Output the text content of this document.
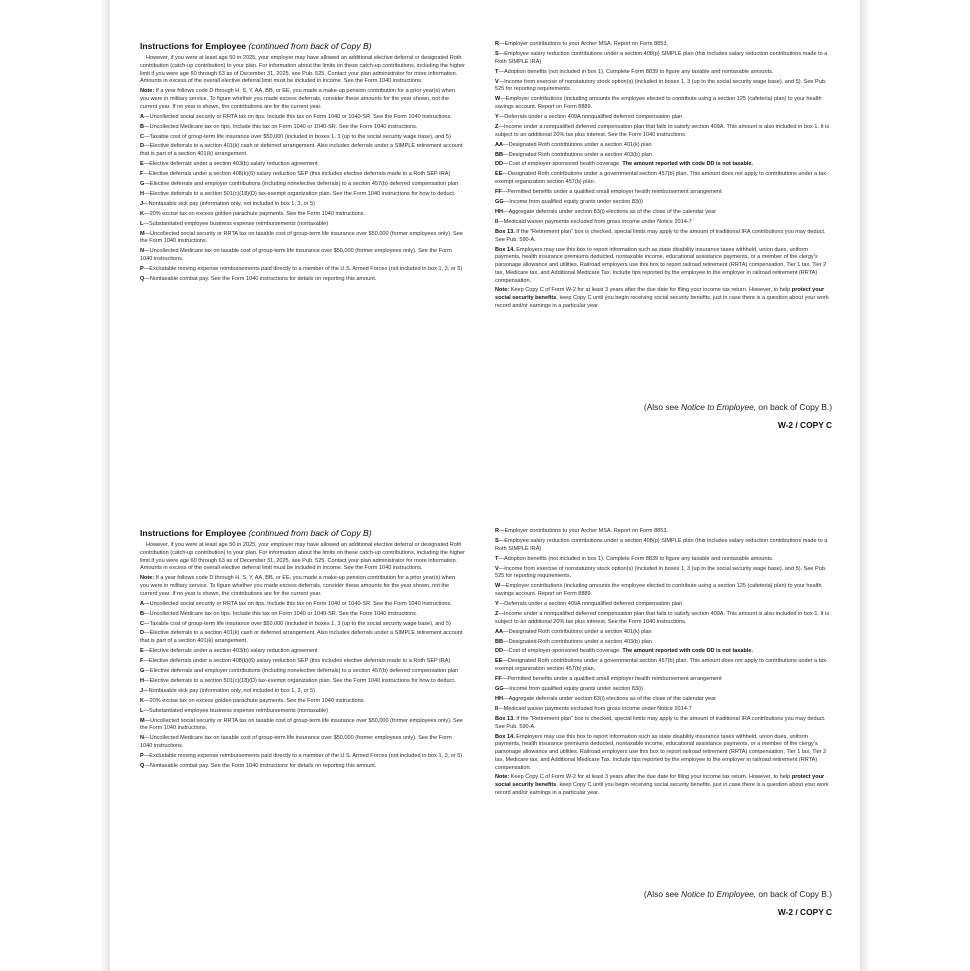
Instructions for Employee (continued from back of Copy B)
However, if you were at least age 50 in 2025, your employer may have allowed an additional elective deferral or designated Roth contribution (catch-up contribution) to your plan. For information about the limits on these catch-up contributions, including the higher limit if you were age 60 through 63 as of December 31, 2025, see Pub. 525. Contact your plan administrator for more information. Amounts in excess of the overall elective deferral limit must be included in income. See the Form 1040 instructions.
Note: If a year follows code D through H, S, Y, AA, BB, or EE, you made a make-up pension contribution for a prior year(s) when you were in military service. To figure whether you made excess deferrals, consider these amounts for the year shown, not the current year. If no year is shown, the contributions are for the current year.
A—Uncollected social security or RRTA tax on tips. Include this tax on Form 1040 or 1040-SR. See the Form 1040 instructions.
B—Uncollected Medicare tax on tips. Include this tax on Form 1040 or 1040-SR. See the Form 1040 instructions.
C—Taxable cost of group-term life insurance over $50,000 (included in boxes 1, 3 (up to the social security wage base), and 5)
D—Elective deferrals to a section 401(k) cash or deferred arrangement. Also includes deferrals under a SIMPLE retirement account that is part of a section 401(k) arrangement.
E—Elective deferrals under a section 403(b) salary reduction agreement
F—Elective deferrals under a section 408(k)(6) salary reduction SEP (this includes elective deferrals made to a Roth SEP IRA)
G—Elective deferrals and employer contributions (including nonelective deferrals) to a section 457(b) deferred compensation plan
H—Elective deferrals to a section 501(c)(18)(D) tax-exempt organization plan. See the Form 1040 instructions for how to deduct.
J—Nontaxable sick pay (information only, not included in box 1, 3, or 5)
K—20% excise tax on excess golden parachute payments. See the Form 1040 instructions.
L—Substantiated employee business expense reimbursements (nontaxable)
M—Uncollected social security or RRTA tax on taxable cost of group-term life insurance over $50,000 (former employees only). See the Form 1040 instructions.
N—Uncollected Medicare tax on taxable cost of group-term life insurance over $50,000 (former employees only). See the Form 1040 instructions.
P—Excludable moving expense reimbursements paid directly to a member of the U.S. Armed Forces (not included in box 1, 3, or 5)
Q—Nontaxable combat pay. See the Form 1040 instructions for details on reporting this amount.
R—Employer contributions to your Archer MSA. Report on Form 8853.
S—Employee salary reduction contributions under a section 408(p) SIMPLE plan (this includes salary reduction contributions made to a Roth SIMPLE IRA)
T—Adoption benefits (not included in box 1). Complete Form 8839 to figure any taxable and nontaxable amounts.
V—Income from exercise of nonstatutory stock option(s) (included in boxes 1, 3 (up to the social security wage base), and 5). See Pub. 525 for reporting requirements.
W—Employer contributions (including amounts the employee elected to contribute using a section 125 (cafeteria) plan) to your health savings account. Report on Form 8889.
Y—Deferrals under a section 409A nonqualified deferred compensation plan
Z—Income under a nonqualified deferred compensation plan that fails to satisfy section 409A. This amount is also included in box 1. It is subject to an additional 20% tax plus interest. See the Form 1040 instructions.
AA—Designated Roth contributions under a section 401(k) plan
BB—Designated Roth contributions under a section 403(b) plan
DD—Cost of employer-sponsored health coverage. The amount reported with code DD is not taxable.
EE—Designated Roth contributions under a governmental section 457(b) plan. This amount does not apply to contributions under a tax-exempt organization section 457(b) plan.
FF—Permitted benefits under a qualified small employer health reimbursement arrangement
GG—Income from qualified equity grants under section 83(i)
HH—Aggregate deferrals under section 83(i) elections as of the close of the calendar year
II—Medicaid waiver payments excluded from gross income under Notice 2014-7
Box 13. If the “Retirement plan” box is checked, special limits may apply to the amount of traditional IRA contributions you may deduct. See Pub. 590-A.
Box 14. Employers may use this box to report information such as state disability insurance taxes withheld, union dues, uniform payments, health insurance premiums deducted, nontaxable income, educational assistance payments, or a member of the clergy’s parsonage allowance and utilities. Railroad employers use this box to report railroad retirement (RRTA) compensation, Tier 1 tax, Tier 2 tax, Medicare tax, and Additional Medicare Tax. Include tips reported by the employee to the employer in railroad retirement (RRTA) compensation.
Note: Keep Copy C of Form W-2 for at least 3 years after the due date for filing your income tax return. However, to help protect your social security benefits, keep Copy C until you begin receiving social security benefits, just in case there is a question about your work record and/or earnings in a particular year.
(Also see Notice to Employee, on back of Copy B.)
W-2 / COPY C
Instructions for Employee (continued from back of Copy B)
However, if you were at least age 50 in 2025, your employer may have allowed an additional elective deferral or designated Roth contribution (catch-up contribution) to your plan. For information about the limits on these catch-up contributions, including the higher limit if you were age 60 through 63 as of December 31, 2025, see Pub. 525. Contact your plan administrator for more information. Amounts in excess of the overall elective deferral limit must be included in income. See the Form 1040 instructions.
Note: If a year follows code D through H, S, Y, AA, BB, or EE, you made a make-up pension contribution for a prior year(s) when you were in military service. To figure whether you made excess deferrals, consider these amounts for the year shown, not the current year. If no year is shown, the contributions are for the current year.
A—Uncollected social security or RRTA tax on tips. Include this tax on Form 1040 or 1040-SR. See the Form 1040 instructions.
B—Uncollected Medicare tax on tips. Include this tax on Form 1040 or 1040-SR. See the Form 1040 instructions.
C—Taxable cost of group-term life insurance over $50,000 (included in boxes 1, 3 (up to the social security wage base), and 5)
D—Elective deferrals to a section 401(k) cash or deferred arrangement. Also includes deferrals under a SIMPLE retirement account that is part of a section 401(k) arrangement.
E—Elective deferrals under a section 403(b) salary reduction agreement
F—Elective deferrals under a section 408(k)(6) salary reduction SEP (this includes elective deferrals made to a Roth SEP IRA)
G—Elective deferrals and employer contributions (including nonelective deferrals) to a section 457(b) deferred compensation plan
H—Elective deferrals to a section 501(c)(18)(D) tax-exempt organization plan. See the Form 1040 instructions for how to deduct.
J—Nontaxable sick pay (information only, not included in box 1, 3, or 5)
K—20% excise tax on excess golden parachute payments. See the Form 1040 instructions.
L—Substantiated employee business expense reimbursements (nontaxable)
M—Uncollected social security or RRTA tax on taxable cost of group-term life insurance over $50,000 (former employees only). See the Form 1040 instructions.
N—Uncollected Medicare tax on taxable cost of group-term life insurance over $50,000 (former employees only). See the Form 1040 instructions.
P—Excludable moving expense reimbursements paid directly to a member of the U.S. Armed Forces (not included in box 1, 3, or 5)
Q—Nontaxable combat pay. See the Form 1040 instructions for details on reporting this amount.
R—Employer contributions to your Archer MSA. Report on Form 8853.
S—Employee salary reduction contributions under a section 408(p) SIMPLE plan (this includes salary reduction contributions made to a Roth SIMPLE IRA)
T—Adoption benefits (not included in box 1). Complete Form 8839 to figure any taxable and nontaxable amounts.
V—Income from exercise of nonstatutory stock option(s) (included in boxes 1, 3 (up to the social security wage base), and 5). See Pub. 525 for reporting requirements.
W—Employer contributions (including amounts the employee elected to contribute using a section 125 (cafeteria) plan) to your health savings account. Report on Form 8889.
Y—Deferrals under a section 409A nonqualified deferred compensation plan
Z—Income under a nonqualified deferred compensation plan that fails to satisfy section 409A. This amount is also included in box 1. It is subject to an additional 20% tax plus interest. See the Form 1040 instructions.
AA—Designated Roth contributions under a section 401(k) plan
BB—Designated Roth contributions under a section 403(b) plan
DD—Cost of employer-sponsored health coverage. The amount reported with code DD is not taxable.
EE—Designated Roth contributions under a governmental section 457(b) plan. This amount does not apply to contributions under a tax-exempt organization section 457(b) plan.
FF—Permitted benefits under a qualified small employer health reimbursement arrangement
GG—Income from qualified equity grants under section 83(i)
HH—Aggregate deferrals under section 83(i) elections as of the close of the calendar year
II—Medicaid waiver payments excluded from gross income under Notice 2014-7
Box 13. If the “Retirement plan” box is checked, special limits may apply to the amount of traditional IRA contributions you may deduct. See Pub. 590-A.
Box 14. Employers may use this box to report information such as state disability insurance taxes withheld, union dues, uniform payments, health insurance premiums deducted, nontaxable income, educational assistance payments, or a member of the clergy’s parsonage allowance and utilities. Railroad employers use this box to report railroad retirement (RRTA) compensation, Tier 1 tax, Tier 2 tax, Medicare tax, and Additional Medicare Tax. Include tips reported by the employee to the employer in railroad retirement (RRTA) compensation.
Note: Keep Copy C of Form W-2 for at least 3 years after the due date for filing your income tax return. However, to help protect your social security benefits, keep Copy C until you begin receiving social security benefits, just in case there is a question about your work record and/or earnings in a particular year.
(Also see Notice to Employee, on back of Copy B.)
W-2 / COPY C
